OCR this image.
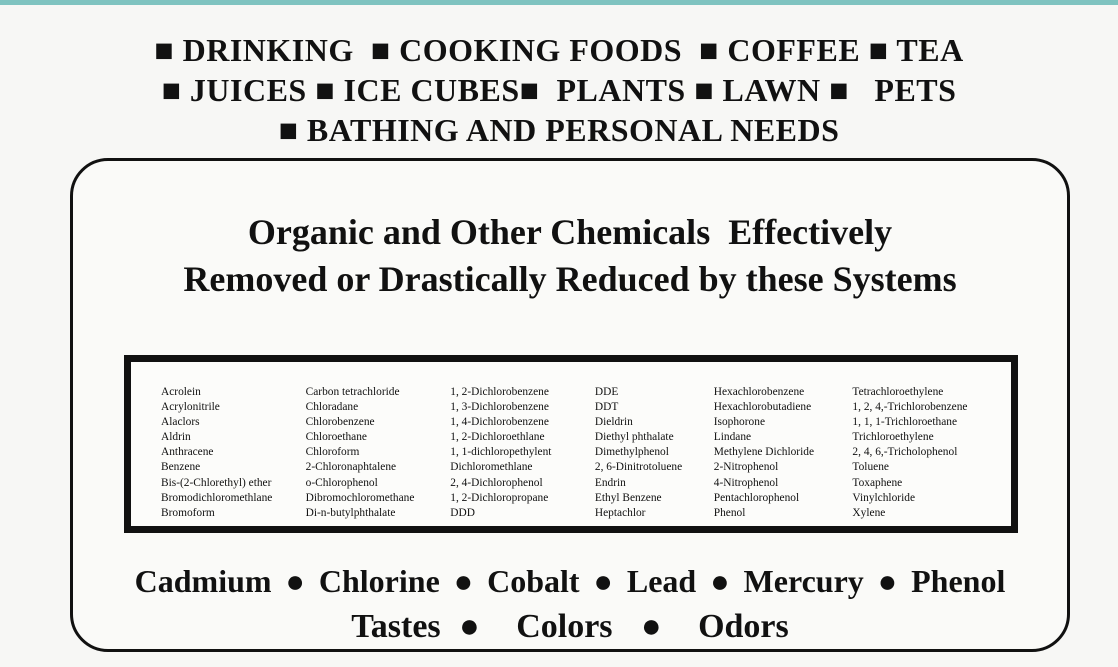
■ DRINKING ■ COOKING FOODS ■ COFFEE ■ TEA
■ JUICES ■ ICE CUBES■ PLANTS ■ LAWN ■ PETS
■ BATHING AND PERSONAL NEEDS
Organic and Other Chemicals  Effectively
Removed or Drastically Reduced by these Systems
Acrolein
Acrylonitrile
Alaclors
Aldrin
Anthracene
Benzene
Bis-(2-Chlorethyl) ether
Bromodichloromethlane
Bromoform
Carbon tetrachloride
Chloradane
Chlorobenzene
Chloroethane
Chloroform
2-Chloronaphtalene
o-Chlorophenol
Dibromochloromethane
Di-n-butylphthalate
1, 2-Dichlorobenzene
1, 3-Dichlorobenzene
1, 4-Dichlorobenzene
1, 2-Dichloroethlane
1, 1-dichloropethylent
Dichloromethlane
2, 4-Dichlorophenol
1, 2-Dichloropropane
DDD
DDE
DDT
Dieldrin
Diethyl phthalate
Dimethylphenol
2, 6-Dinitrotoluene
Endrin
Ethyl Benzene
Heptachlor
Hexachlorobenzene
Hexachlorobutadiene
Isophorone
Lindane
Methylene Dichloride
2-Nitrophenol
4-Nitrophenol
Pentachlorophenol
Phenol
Tetrachloroethylene
1, 2, 4,-Trichlorobenzene
1, 1, 1-Trichloroethane
Trichloroethylene
2, 4, 6,-Tricholophenol
Toluene
Toxaphene
Vinylchloride
Xylene
Cadmium ● Chlorine ● Cobalt ● Lead ● Mercury ● Phenol
Tastes ● Colors ● Odors
